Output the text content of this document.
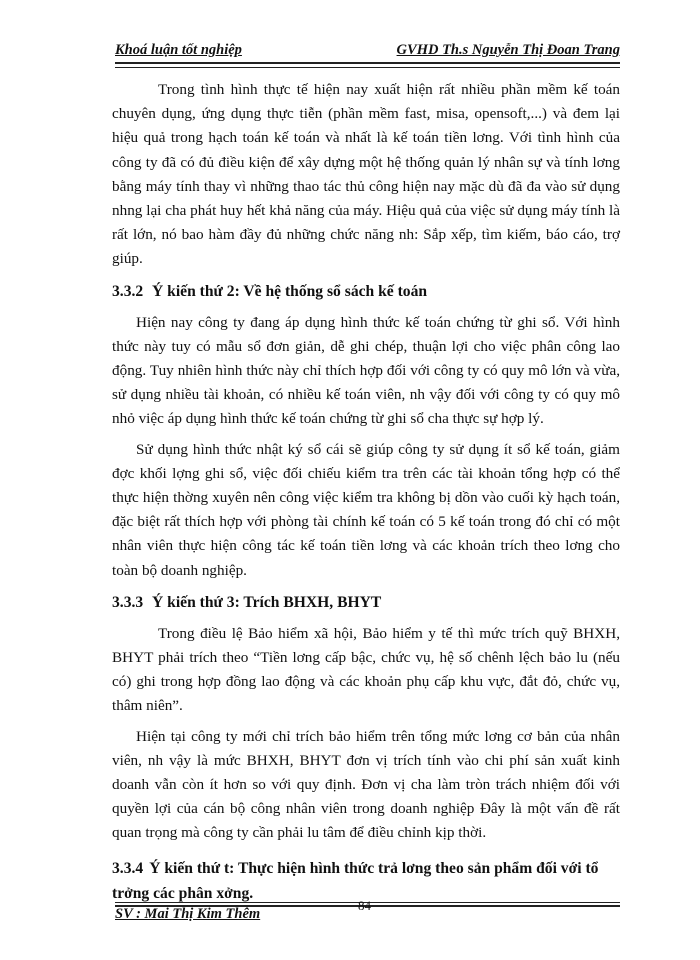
Khoá luận tốt nghiệp	GVHD Th.s Nguyễn Thị Đoan Trang

Trong tình hình thực tế hiện nay xuất hiện rất nhiều phần mềm kế toán chuyên dụng, ứng dụng thực tiễn (phần mềm fast, misa, opensoft,...) và đem lại hiệu quả trong hạch toán kế toán và nhất là kế toán tiền lơng. Với tình hình của công ty đã có đủ điều kiện để xây dựng một hệ thống quản lý nhân sự và tính lơng bằng máy tính thay vì những thao tác thủ công hiện nay mặc dù đã đa vào sử dụng nhng lại cha phát huy hết khả năng của máy. Hiệu quả của việc sử dụng máy tính là rất lớn, nó bao hàm đầy đủ những chức năng nh: Sắp xếp, tìm kiếm, báo cáo, trợ giúp.

3.3.2 Ý kiến thứ 2: Về hệ thống sổ sách kế toán

Hiện nay công ty đang áp dụng hình thức kế toán chứng từ ghi sổ. Với hình thức này tuy có mẫu sổ đơn giản, dễ ghi chép, thuận lợi cho việc phân công lao động. Tuy nhiên hình thức này chỉ thích hợp đối với công ty có quy mô lớn và vừa, sử dụng nhiều tài khoản, có nhiều kế toán viên, nh vậy đối với công ty có quy mô nhỏ việc áp dụng hình thức kế toán chứng từ ghi sổ cha thực sự hợp lý.

Sử dụng hình thức nhật ký sổ cái sẽ giúp công ty sử dụng ít sổ kế toán, giảm đợc khối lợng ghi sổ, việc đối chiếu kiểm tra trên các tài khoản tổng hợp có thể thực hiện thờng xuyên nên công việc kiểm tra không bị dồn vào cuối kỳ hạch toán, đặc biệt rất thích hợp với phòng tài chính kế toán có 5 kế toán trong đó chỉ có một nhân viên thực hiện công tác kế toán tiền lơng và các khoản trích theo lơng cho toàn bộ doanh nghiệp.

3.3.3 Ý kiến thứ 3: Trích BHXH, BHYT

Trong điều lệ Bảo hiểm xã hội, Bảo hiểm y tế thì mức trích quỹ BHXH, BHYT phải trích theo “Tiền lơng cấp bậc, chức vụ, hệ số chênh lệch bảo lu (nếu có) ghi trong hợp đồng lao động và các khoản phụ cấp khu vực, đắt đỏ, chức vụ, thâm niên”.

Hiện tại công ty mới chỉ trích bảo hiểm trên tổng mức lơng cơ bản của nhân viên, nh vậy là mức BHXH, BHYT đơn vị trích tính vào chi phí sản xuất kinh doanh vẫn còn ít hơn so với quy định. Đơn vị cha làm tròn trách nhiệm đối với quyền lợi của cán bộ công nhân viên trong doanh nghiệp Đây là một vấn đề rất quan trọng mà công ty cần phải lu tâm để điều chỉnh kịp thời.

3.3.4 Ý kiến thứ t: Thực hiện hình thức trả lơng theo sản phẩm đối với tổ trởng các phân xởng.
SV : Mai Thị Kim Thêm
84
